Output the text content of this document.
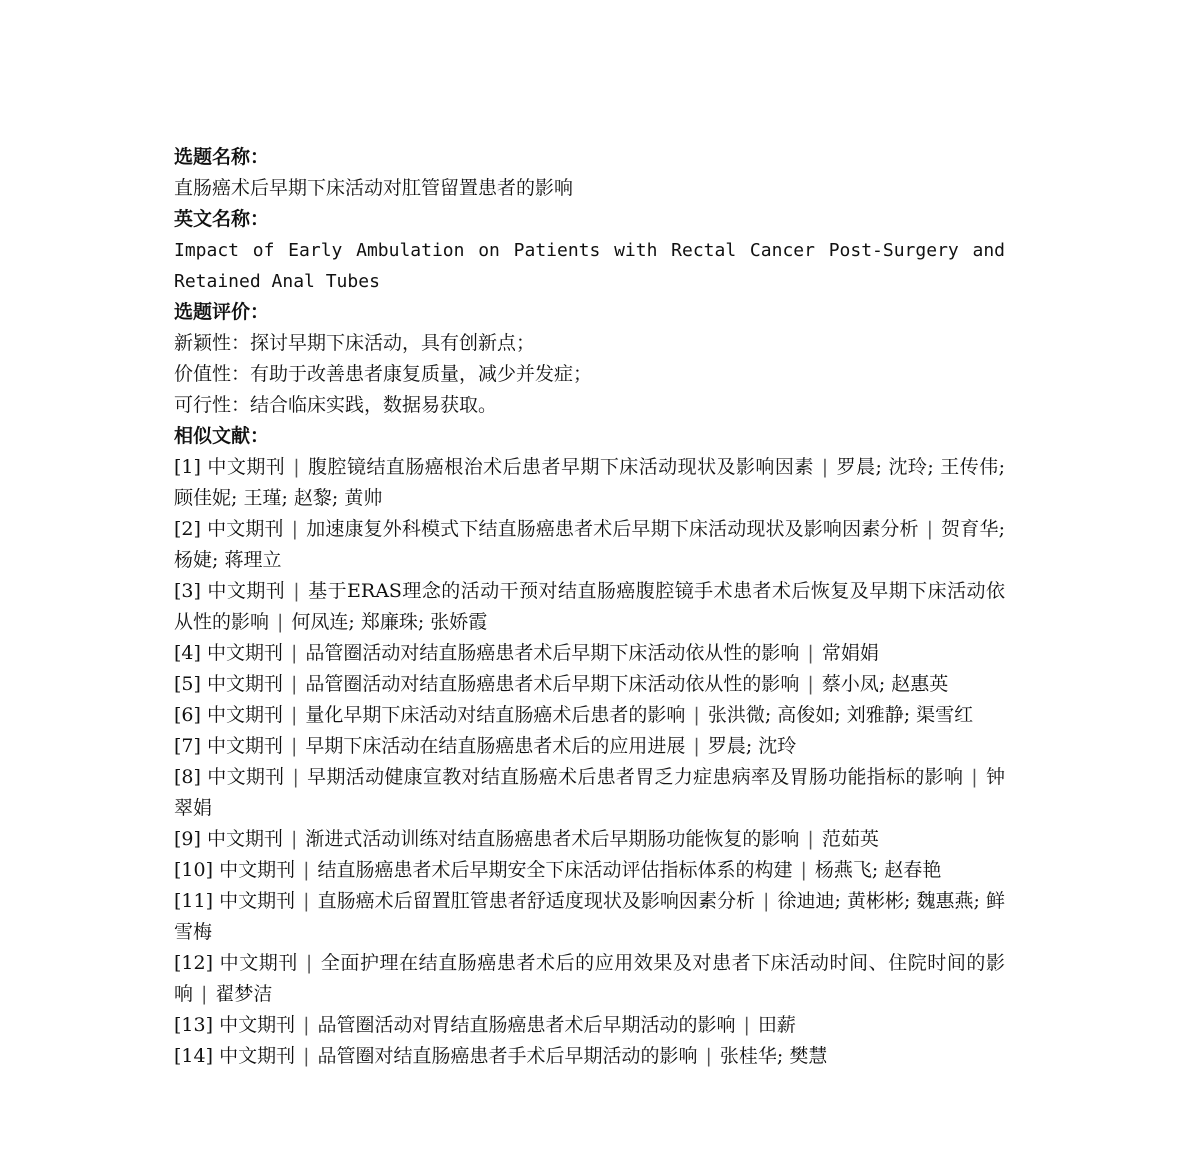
选题名称：

直肠癌术后早期下床活动对肛管留置患者的影响

英文名称：

Impact of Early Ambulation on Patients with Rectal Cancer Post-Surgery and Retained Anal Tubes

选题评价：

新颖性：探讨早期下床活动，具有创新点；

价值性：有助于改善患者康复质量，减少并发症；

可行性：结合临床实践，数据易获取。

相似文献：

[1] 中文期刊 | 腹腔镜结直肠癌根治术后患者早期下床活动现状及影响因素 | 罗晨; 沈玲; 王传伟; 顾佳妮; 王瑾; 赵黎; 黄帅

[2] 中文期刊 | 加速康复外科模式下结直肠癌患者术后早期下床活动现状及影响因素分析 | 贺育华; 杨婕; 蒋理立

[3] 中文期刊 | 基于ERAS理念的活动干预对结直肠癌腹腔镜手术患者术后恢复及早期下床活动依从性的影响 | 何凤连; 郑廉珠; 张娇霞

[4] 中文期刊 | 品管圈活动对结直肠癌患者术后早期下床活动依从性的影响 | 常娟娟

[5] 中文期刊 | 品管圈活动对结直肠癌患者术后早期下床活动依从性的影响 | 蔡小凤; 赵惠英

[6] 中文期刊 | 量化早期下床活动对结直肠癌术后患者的影响 | 张洪微; 高俊如; 刘雅静; 渠雪红

[7] 中文期刊 | 早期下床活动在结直肠癌患者术后的应用进展 | 罗晨; 沈玲

[8] 中文期刊 | 早期活动健康宣教对结直肠癌术后患者胃乏力症患病率及胃肠功能指标的影响 | 钟翠娟

[9] 中文期刊 | 渐进式活动训练对结直肠癌患者术后早期肠功能恢复的影响 | 范茹英

[10] 中文期刊 | 结直肠癌患者术后早期安全下床活动评估指标体系的构建 | 杨燕飞; 赵春艳

[11] 中文期刊 | 直肠癌术后留置肛管患者舒适度现状及影响因素分析 | 徐迪迪; 黄彬彬; 魏惠燕; 鲜雪梅

[12] 中文期刊 | 全面护理在结直肠癌患者术后的应用效果及对患者下床活动时间、住院时间的影响 | 翟梦洁

[13] 中文期刊 | 品管圈活动对胃结直肠癌患者术后早期活动的影响 | 田薪

[14] 中文期刊 | 品管圈对结直肠癌患者手术后早期活动的影响 | 张桂华; 樊慧
